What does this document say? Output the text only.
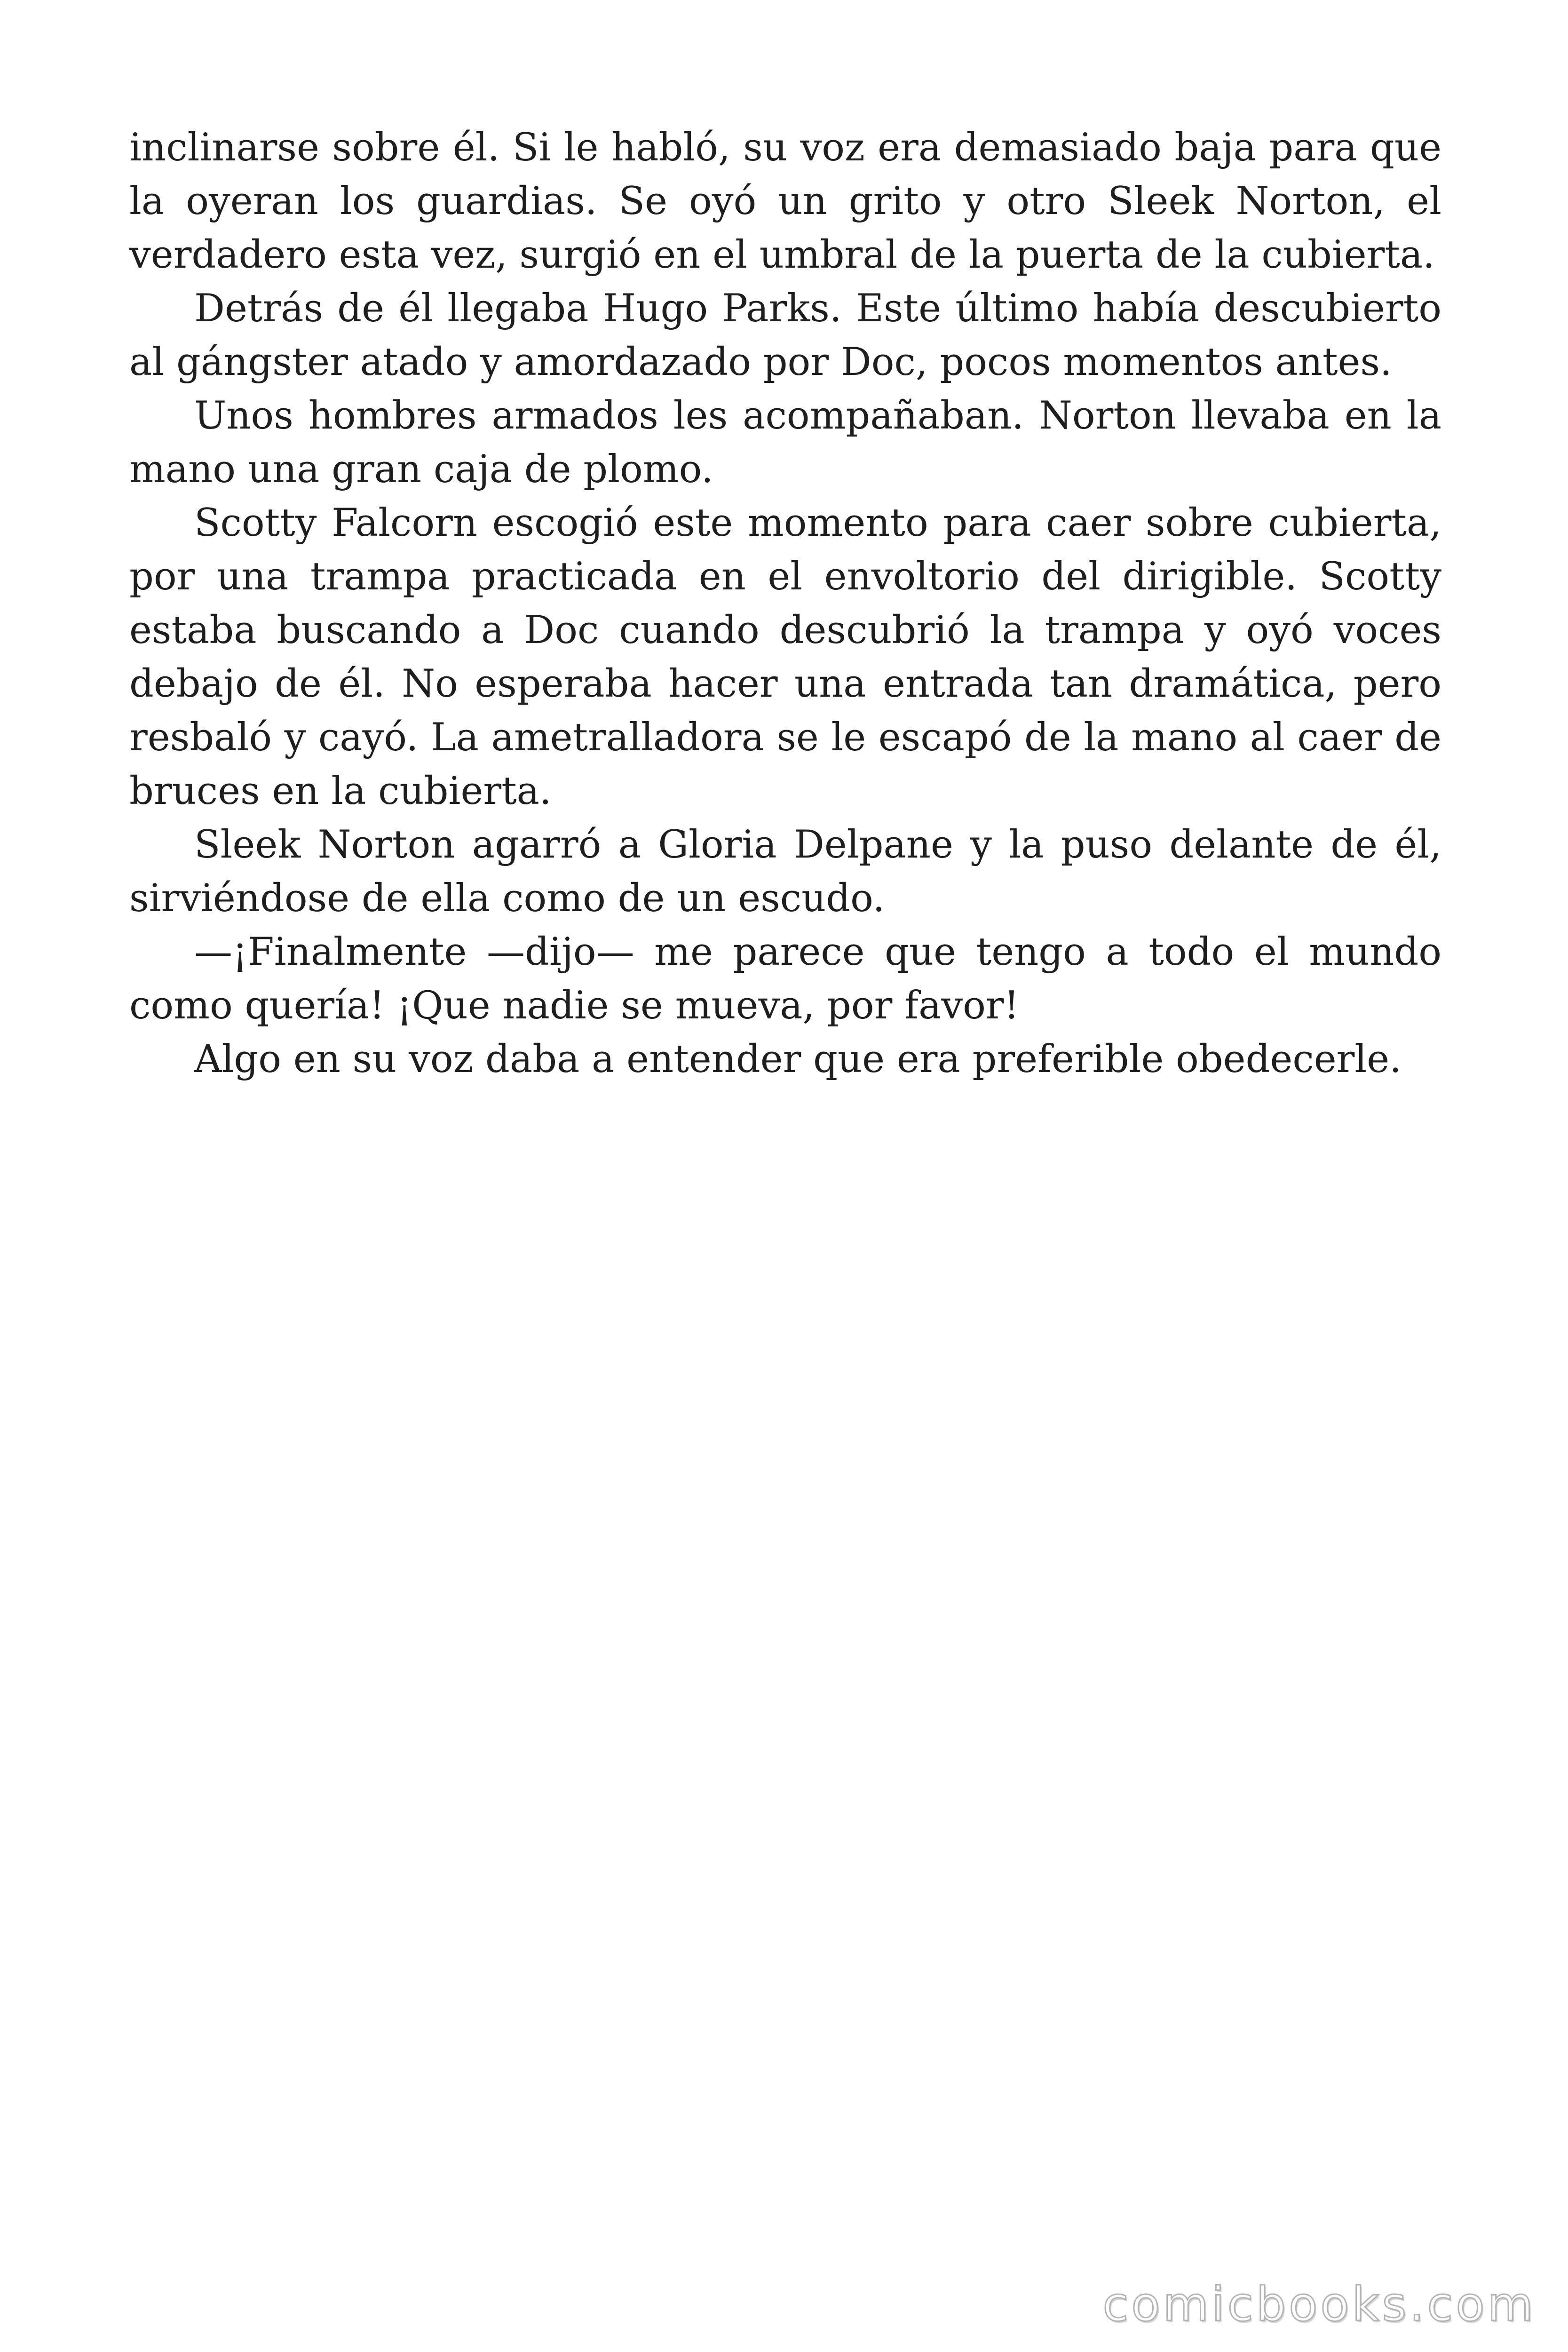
inclinarse sobre él. Si le habló, su voz era demasiado baja para que la oyeran los guardias. Se oyó un grito y otro Sleek Norton, el verdadero esta vez, surgió en el umbral de la puerta de la cubierta.

Detrás de él llegaba Hugo Parks. Este último había descubierto al gángster atado y amordazado por Doc, pocos momentos antes.

Unos hombres armados les acompañaban. Norton llevaba en la mano una gran caja de plomo.

Scotty Falcorn escogió este momento para caer sobre cubierta, por una trampa practicada en el envoltorio del dirigible. Scotty estaba buscando a Doc cuando descubrió la trampa y oyó voces debajo de él. No esperaba hacer una entrada tan dramática, pero resbaló y cayó. La ametralladora se le escapó de la mano al caer de bruces en la cubierta.

Sleek Norton agarró a Gloria Delpane y la puso delante de él, sirviéndose de ella como de un escudo.

—¡Finalmente —dijo— me parece que tengo a todo el mundo como quería! ¡Que nadie se mueva, por favor!

Algo en su voz daba a entender que era preferible obedecerle.

comicbooks.com
